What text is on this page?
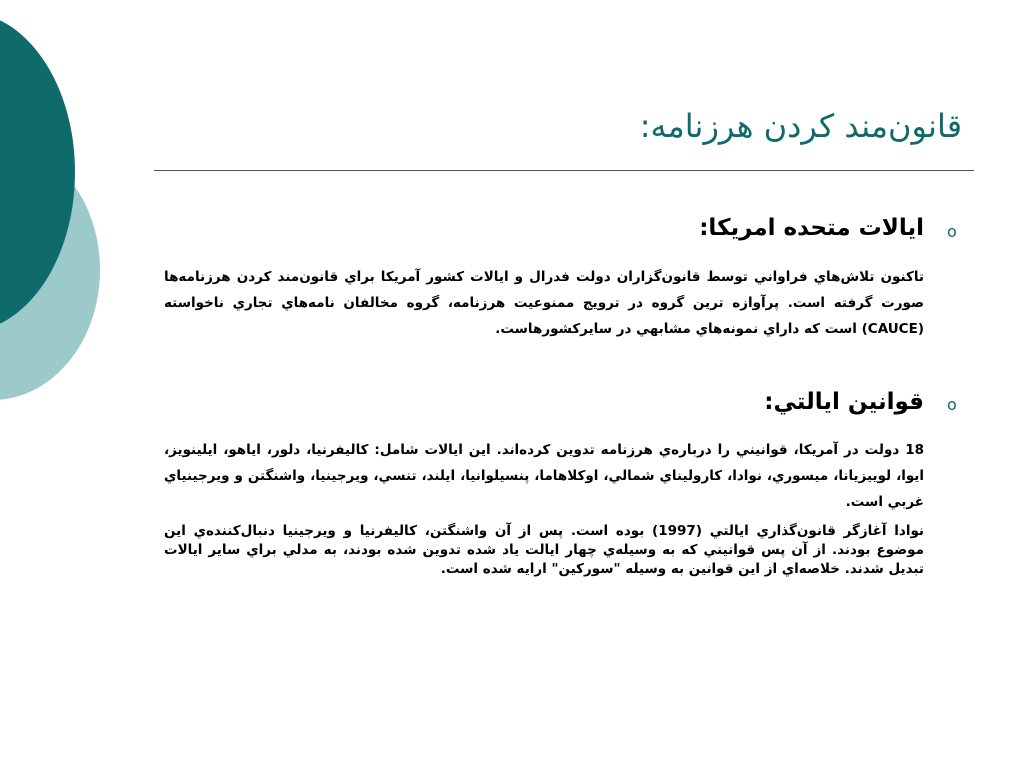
قانون‌مند کردن هرزنامه:
o
ايالات متحده امريکا:
تاکنون تلاش‌هاي فراواني توسط قانون‌گزاران دولت فدرال و ايالات کشور آمريکا براي قانون‌مند کردن هرزنامه‌ها صورت گرفته است. پرآوازه ترين گروه در ترويج ممنوعيت هرزنامه، گروه مخالفان نامه‌هاي تجاري ناخواسته (CAUCE) است که داراي نمونه‌هاي مشابهي در سايرکشورهاست.
o
قوانين ايالتي:
18 دولت در آمريکا، قوانيني را درباره‌ي هرزنامه تدوين کرده‌اند. اين ايالات شامل: کاليفرنيا، دلور، اياهو، ايلينويز، ايوا، لوييزيانا، ميسوري، نوادا، کاروليناي شمالي، اوکلاهاما، پنسيلوانيا، ايلند، تنسي، ويرجينيا، واشنگتن و ويرجينياي غربي است.
نوادا آغازگر قانون‌گذاري ايالتي (1997) بوده است. پس از آن واشنگتن، کاليفرنيا و ويرجينيا دنبال‌کننده‌ي اين موضوع بودند. از آن پس قوانيني که به وسيله‌ي چهار ايالت ياد شده تدوين شده بودند، به مدلي براي ساير ايالات تبديل شدند. خلاصه‌اي از اين قوانين به وسيله "سورکين" ارايه شده است.
